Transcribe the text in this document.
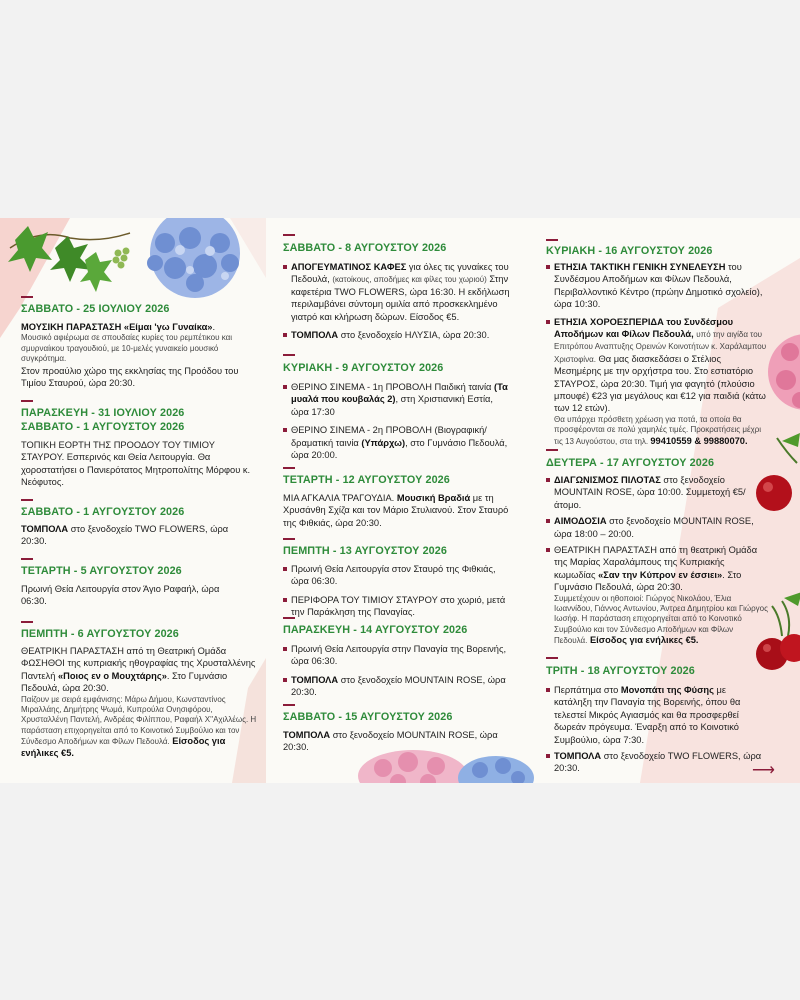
⟶
ΣΑΒΒΑΤΟ - 25 ΙΟΥΛΙΟΥ 2026
ΜΟΥΣΙΚΗ ΠΑΡΑΣΤΑΣΗ «Είμαι 'γω Γυναίκα».
Μουσικό αφιέρωμα σε σπουδαίες κυρίες του ρεμπέτικου και σμυρναίικου τραγουδιού, με 10-μελές γυναικείο μουσικό συγκρότημα.
Στον προαύλιο χώρο της εκκλησίας της Προόδου του Τιμίου Σταυρού, ώρα 20:30.
ΠΑΡΑΣΚΕΥΗ - 31 ΙΟΥΛΙΟΥ 2026
ΣΑΒΒΑΤΟ - 1 ΑΥΓΟΥΣΤΟΥ 2026
ΤΟΠΙΚΗ ΕΟΡΤΗ ΤΗΣ ΠΡΟΟΔΟΥ ΤΟΥ ΤΙΜΙΟΥ ΣΤΑΥΡΟΥ. Εσπερινός και Θεία Λειτουργία. Θα χοροστατήσει ο Πανιερότατος Μητροπολίτης Μόρφου κ. Νεόφυτος.
ΣΑΒΒΑΤΟ - 1 ΑΥΓΟΥΣΤΟΥ 2026
ΤΟΜΠΟΛΑ στο ξενοδοχείο TWO FLOWERS, ώρα 20:30.
ΤΕΤΑΡΤΗ - 5 ΑΥΓΟΥΣΤΟΥ 2026
Πρωινή Θεία Λειτουργία στον Άγιο Ραφαήλ, ώρα 06:30.
ΠΕΜΠΤΗ - 6 ΑΥΓΟΥΣΤΟΥ 2026
ΘΕΑΤΡΙΚΗ ΠΑΡΑΣΤΑΣΗ από τη Θεατρική Ομάδα ΦΩΣΗΘΟΙ της κυπριακής ηθογραφίας της Χρυσταλλένης Παντελή «Ποιος εν ο Μουχτάρης». Στο Γυμνάσιο Πεδουλά, ώρα 20:30.
Παίζουν με σειρά εμφάνισης: Μάρω Δήμου, Κωνσταντίνος Μιραλλάης, Δημήτρης Ψωμά, Κυπρούλα Ονησιφόρου, Χρυσταλλένη Παντελή, Ανδρέας Φιλίππου, Ραφαήλ Χ''Αχιλλέως. Η παράσταση επιχορηγείται από το Κοινοτικό Συμβούλιο και τον Σύνδεσμο Αποδήμων και Φίλων Πεδουλά. Είσοδος για ενήλικες €5.
ΣΑΒΒΑΤΟ - 8 ΑΥΓΟΥΣΤΟΥ 2026
ΑΠΟΓΕΥΜΑΤΙΝΟΣ ΚΑΦΕΣ για όλες τις γυναίκες του Πεδουλά, (κατοίκους, αποδήμες και φίλες του χωριού) Στην καφετέρια TWO FLOWERS, ώρα 16:30. Η εκδήλωση περιλαμβάνει σύντομη ομιλία από προσκεκλημένο γιατρό και κλήρωση δώρων. Είσοδος €5.
ΤΟΜΠΟΛΑ στο ξενοδοχείο ΗΛΥΣΙΑ, ώρα 20:30.
ΚΥΡΙΑΚΗ - 9 ΑΥΓΟΥΣΤΟΥ 2026
ΘΕΡΙΝΟ ΣΙΝΕΜΑ - 1η ΠΡΟΒΟΛΗ Παιδική ταινία (Τα μυαλά που κουβαλάς 2), στη Χριστιανική Εστία, ώρα 17:30
ΘΕΡΙΝΟ ΣΙΝΕΜΑ - 2η ΠΡΟΒΟΛΗ (Βιογραφική/δραματική ταινία (Υπάρχω), στο Γυμνάσιο Πεδουλά, ώρα 20:00.
ΤΕΤΑΡΤΗ - 12 ΑΥΓΟΥΣΤΟΥ 2026
ΜΙΑ ΑΓΚΑΛΙΑ ΤΡΑΓΟΥΔΙΑ. Μουσική Βραδιά με τη Χρυσάνθη Σχίζα και τον Μάριο Στυλιανού. Στον Σταυρό της Φιθκιάς, ώρα 20:30.
ΠΕΜΠΤΗ - 13 ΑΥΓΟΥΣΤΟΥ 2026
Πρωινή Θεία Λειτουργία στον Σταυρό της Φιθκιάς, ώρα 06:30.
ΠΕΡΙΦΟΡΑ ΤΟΥ ΤΙΜΙΟΥ ΣΤΑΥΡΟΥ στο χωριό, μετά την Παράκληση της Παναγίας.
ΠΑΡΑΣΚΕΥΗ - 14 ΑΥΓΟΥΣΤΟΥ 2026
Πρωινή Θεία Λειτουργία στην Παναγία της Βορεινής, ώρα 06:30.
ΤΟΜΠΟΛΑ στο ξενοδοχείο MOUNTAIN ROSE, ώρα 20:30.
ΣΑΒΒΑΤΟ - 15 ΑΥΓΟΥΣΤΟΥ 2026
ΤΟΜΠΟΛΑ στο ξενοδοχείο MOUNTAIN ROSE, ώρα 20:30.
ΚΥΡΙΑΚΗ - 16 ΑΥΓΟΥΣΤΟΥ 2026
ΕΤΗΣΙΑ ΤΑΚΤΙΚΗ ΓΕΝΙΚΗ ΣΥΝΕΛΕΥΣΗ του Συνδέσμου Αποδήμων και Φίλων Πεδουλά, Περιβαλλοντικό Κέντρο (πρώην Δημοτικό σχολείο), ώρα 10:30.
ΕΤΗΣΙΑ ΧΟΡΟΕΣΠΕΡΙΔΑ του Συνδέσμου Αποδήμων και Φίλων Πεδουλά, υπό την αιγίδα του Επιτρόπου Αναπτυξης Ορεινών Κοινοτήτων κ. Χαράλαμπου Χριστοφίνα. Θα μας διασκεδάσει ο Στέλιος Μεσημέρης με την ορχήστρα του. Στο εστιατόριο ΣΤΑΥΡΟΣ, ώρα 20:30. Τιμή για φαγητό (πλούσιο μπουφέ) €23 για μεγάλους και €12 για παιδιά (κάτω των 12 ετών).
Θα υπάρχει πρόσθετη χρέωση για ποτά, τα οποία θα προσφέρονται σε πολύ χαμηλές τιμές. Προκρατήσεις μέχρι τις 13 Αυγούστου, στα τηλ. 99410559 & 99880070.
ΔΕΥΤΕΡΑ - 17 ΑΥΓΟΥΣΤΟΥ 2026
ΔΙΑΓΩΝΙΣΜΟΣ ΠΙΛΟΤΑΣ στο ξενοδοχείο MOUNTAIN ROSE, ώρα 10:00. Συμμετοχή €5/άτομο.
ΑΙΜΟΔΟΣΙΑ στο ξενοδοχείο MOUNTAIN ROSE, ώρα 18:00 – 20:00.
ΘΕΑΤΡΙΚΗ ΠΑΡΑΣΤΑΣΗ από τη θεατρική Ομάδα της Μαρίας Χαραλάμπους της Κυπριακής κωμωδίας «Σαν την Κύπρον εν έσσιει». Στο Γυμνάσιο Πεδουλά, ώρα 20:30.
Συμμετέχουν οι ηθοποιοί: Γιώργος Νικολάου, Έλια Ιωαννίδου, Γιάννος Αντωνίου, Άντρεα Δημητρίου και Γιώργος Ιωσήφ. Η παράσταση επιχορηγείται από το Κοινοτικό Συμβούλιο και τον Σύνδεσμο Αποδήμων και Φίλων Πεδουλά. Είσοδος για ενήλικες €5.
ΤΡΙΤΗ - 18 ΑΥΓΟΥΣΤΟΥ 2026
Περπάτημα στο Μονοπάτι της Φύσης με κατάληξη την Παναγία της Βορεινής, όπου θα τελεστεί Μικρός Αγιασμός και θα προσφερθεί δωρεάν πρόγευμα. Έναρξη από το Κοινοτικό Συμβούλιο, ώρα 7:30.
ΤΟΜΠΟΛΑ στο ξενοδοχείο TWO FLOWERS, ώρα 20:30.
